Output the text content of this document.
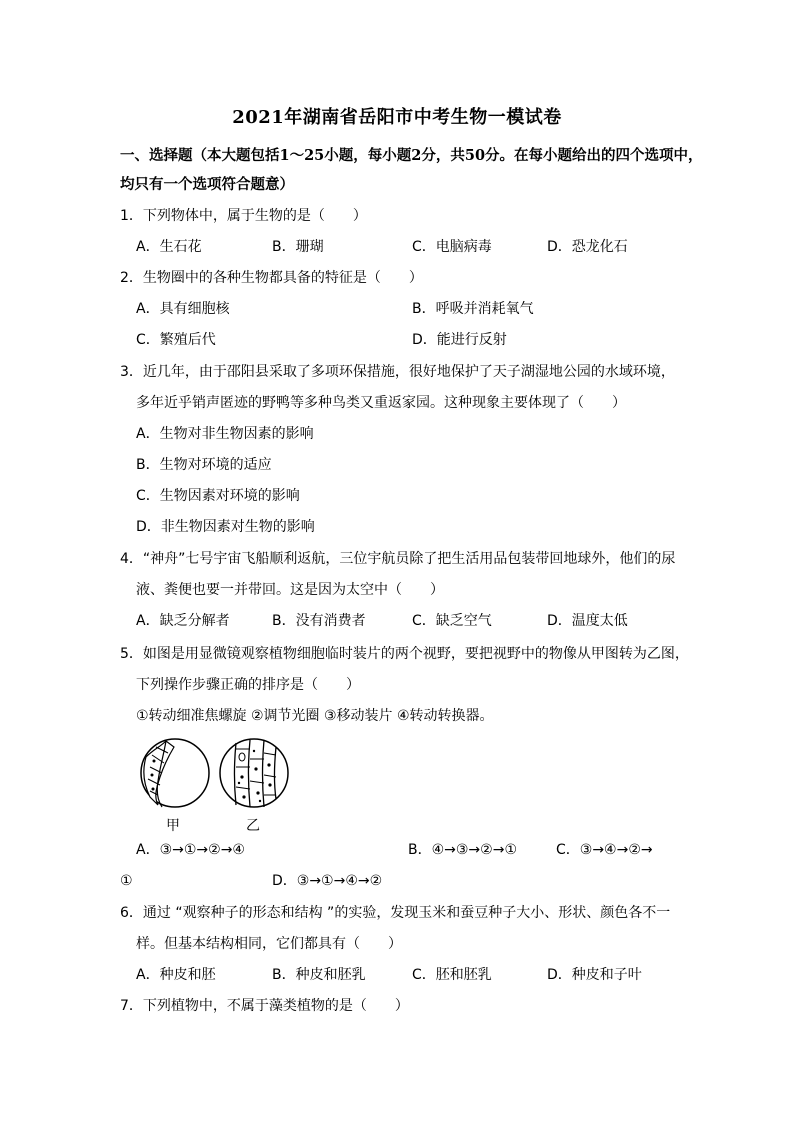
2021年湖南省岳阳市中考生物一模试卷
一、选择题（本大题包括1～25小题，每小题2分，共50分。在每小题给出的四个选项中，
均只有一个选项符合题意）
1．下列物体中，属于生物的是（　　）
A．生石花	B．珊瑚	C．电脑病毒	D．恐龙化石
2．生物圈中的各种生物都具备的特征是（　　）
A．具有细胞核	B．呼吸并消耗氧气
C．繁殖后代	D．能进行反射
3．近几年，由于邵阳县采取了多项环保措施，很好地保护了天子湖湿地公园的水域环境，
多年近乎销声匿迹的野鸭等多种鸟类又重返家园。这种现象主要体现了（　　）
A．生物对非生物因素的影响
B．生物对环境的适应
C．生物因素对环境的影响
D．非生物因素对生物的影响
4．“神舟”七号宇宙飞船顺利返航，三位宇航员除了把生活用品包装带回地球外，他们的尿
液、粪便也要一并带回。这是因为太空中（　　）
A．缺乏分解者	B．没有消费者	C．缺乏空气	D．温度太低
5．如图是用显微镜观察植物细胞临时装片的两个视野，要把视野中的物像从甲图转为乙图，
下列操作步骤正确的排序是（　　）
①转动细准焦螺旋 ②调节光圈 ③移动装片 ④转动转换器。
甲	乙
A．③→①→②→④	B．④→③→②→①	C．③→④→②→
①	D．③→①→④→②
6．通过 “观察种子的形态和结构 ”的实验，发现玉米和蚕豆种子大小、形状、颜色各不一
样。但基本结构相同，它们都具有（　　）
A．种皮和胚	B．种皮和胚乳	C．胚和胚乳	D．种皮和子叶
7．下列植物中，不属于藻类植物的是（　　）
